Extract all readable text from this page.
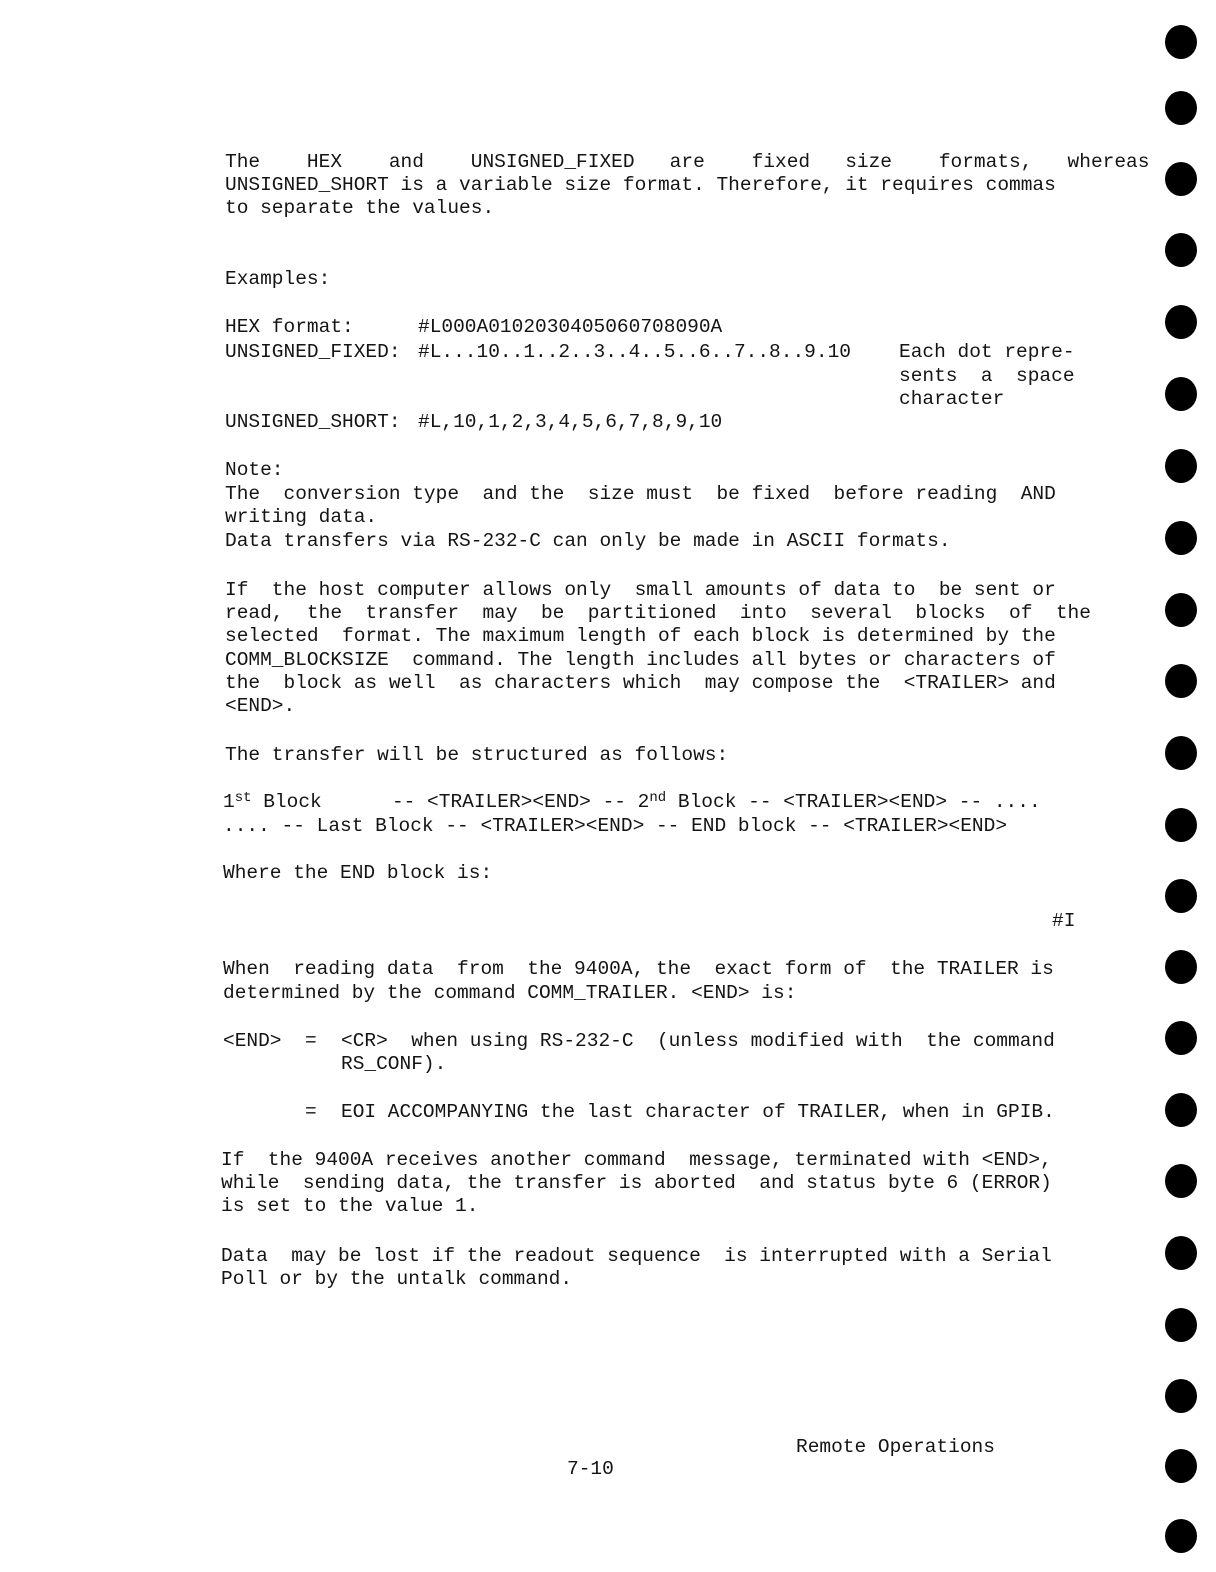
The    HEX    and    UNSIGNED_FIXED   are    fixed   size    formats,   whereas
UNSIGNED_SHORT is a variable size format. Therefore, it requires commas
to separate the values.
Examples:
HEX format:	#L000A0102030405060708090A
UNSIGNED_FIXED: #L...10..1..2..3..4..5..6..7..8..9.10 Each dot repre-
sents  a  space
character
UNSIGNED_SHORT: #L,10,1,2,3,4,5,6,7,8,9,10
Note:
The  conversion type  and the  size must  be fixed  before reading  AND
writing data.
Data transfers via RS-232-C can only be made in ASCII formats.
If  the host computer allows only  small amounts of data to  be sent or
read,  the  transfer  may  be  partitioned  into  several  blocks  of  the
selected  format. The maximum length of each block is determined by the
COMM_BLOCKSIZE  command. The length includes all bytes or characters of
the  block as well  as characters which  may compose the  <TRAILER> and
<END>.
The transfer will be structured as follows:
1st Block      -- <TRAILER><END> -- 2nd Block -- <TRAILER><END> -- ....
.... -- Last Block -- <TRAILER><END> -- END block -- <TRAILER><END>
Where the END block is:
#I
When  reading data  from  the 9400A, the  exact form of  the TRAILER is
determined by the command COMM_TRAILER. <END> is:
<END> = <CR>  when using RS-232-C  (unless modified with  the command
RS_CONF).
= EOI ACCOMPANYING the last character of TRAILER, when in GPIB.
If  the 9400A receives another command  message, terminated with <END>,
while  sending data, the transfer is aborted  and status byte 6 (ERROR)
is set to the value 1.
Data  may be lost if the readout sequence  is interrupted with a Serial
Poll or by the untalk command.
Remote Operations
7-10
